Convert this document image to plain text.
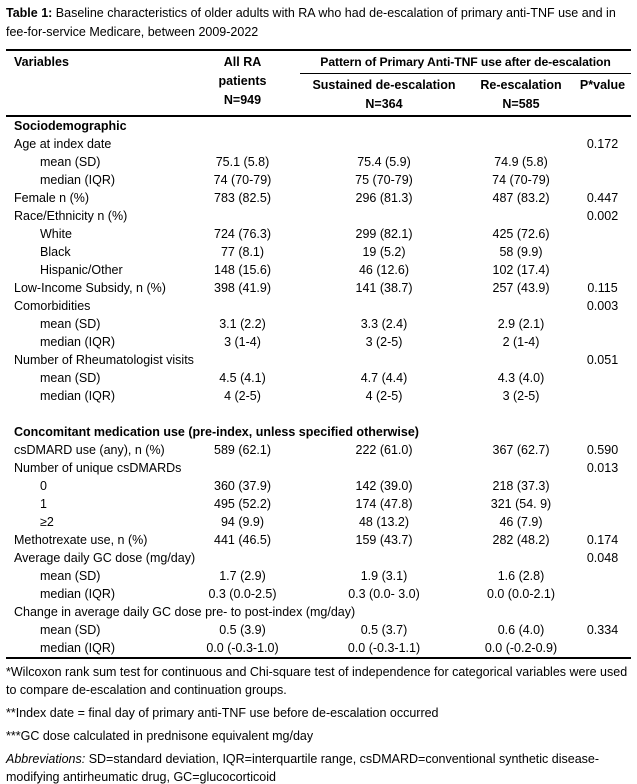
Table 1: Baseline characteristics of older adults with RA who had de-escalation of primary anti-TNF use and in fee-for-service Medicare, between 2009-2022
Variables	All RA
patients
N=949	Pattern of Primary Anti-TNF use after de-escalation		
		Sustained de-escalation
N=364	Re-escalation
N=585	P*value
Sociodemographic				
Age at index date				0.172
mean (SD)	75.1 (5.8)	75.4 (5.9)	74.9 (5.8)	
median (IQR)	74 (70-79)	75 (70-79)	74 (70-79)	
Female n (%)	783 (82.5)	296 (81.3)	487 (83.2)	0.447
Race/Ethnicity n (%)				0.002
White	724 (76.3)	299 (82.1)	425 (72.6)	
Black	77 (8.1)	19 (5.2)	58 (9.9)	
Hispanic/Other	148 (15.6)	46 (12.6)	102 (17.4)	
Low-Income Subsidy, n (%)	398 (41.9)	141 (38.7)	257 (43.9)	0.115
Comorbidities				0.003
mean (SD)	3.1 (2.2)	3.3 (2.4)	2.9 (2.1)	
median (IQR)	3 (1-4)	3 (2-5)	2 (1-4)	
Number of Rheumatologist visits				0.051
mean (SD)	4.5 (4.1)	4.7 (4.4)	4.3 (4.0)	
median (IQR)	4 (2-5)	4 (2-5)	3 (2-5)	

Concomitant medication use (pre-index, unless specified otherwise)				
csDMARD use (any), n (%)	589 (62.1)	222 (61.0)	367 (62.7)	0.590
Number of unique csDMARDs				0.013
0	360 (37.9)	142 (39.0)	218 (37.3)	
1	495 (52.2)	174 (47.8)	321 (54. 9)	
≥2	94 (9.9)	48 (13.2)	46 (7.9)	
Methotrexate use, n (%)	441 (46.5)	159 (43.7)	282 (48.2)	0.174
Average daily GC dose (mg/day)				0.048
mean (SD)	1.7 (2.9)	1.9 (3.1)	1.6 (2.8)	
median (IQR)	0.3 (0.0-2.5)	0.3 (0.0- 3.0)	0.0 (0.0-2.1)	
Change in average daily GC dose pre- to post-index (mg/day)				
mean (SD)	0.5 (3.9)	0.5 (3.7)	0.6 (4.0)	0.334
median (IQR)	0.0 (-0.3-1.0)	0.0 (-0.3-1.1)	0.0 (-0.2-0.9)	

*Wilcoxon rank sum test for continuous and Chi-square test of independence for categorical variables were used to compare de-escalation and continuation groups.

**Index date = final day of primary anti-TNF use before de-escalation occurred

***GC dose calculated in prednisone equivalent mg/day

Abbreviations: SD=standard deviation, IQR=interquartile range, csDMARD=conventional synthetic disease-modifying antirheumatic drug, GC=glucocorticoid
